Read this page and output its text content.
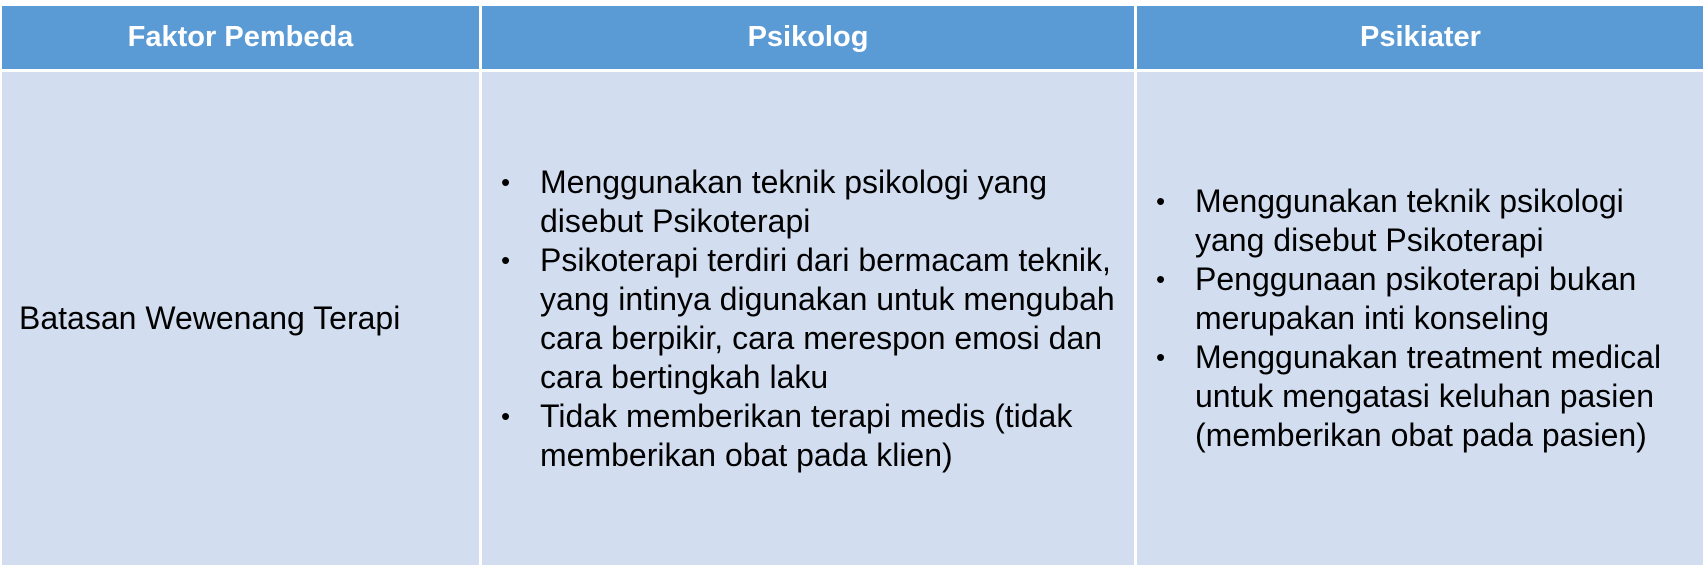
Faktor Pembeda	Psikolog	Psikiater
Batasan Wewenang Terapi
• Menggunakan teknik psikologi yang disebut Psikoterapi
• Psikoterapi terdiri dari bermacam teknik, yang intinya digunakan untuk mengubah cara berpikir, cara merespon emosi dan cara bertingkah laku
• Tidak memberikan terapi medis (tidak memberikan obat pada klien)
• Menggunakan teknik psikologi yang disebut Psikoterapi
• Penggunaan psikoterapi bukan merupakan inti konseling
• Menggunakan treatment medical untuk mengatasi keluhan pasien (memberikan obat pada pasien)
